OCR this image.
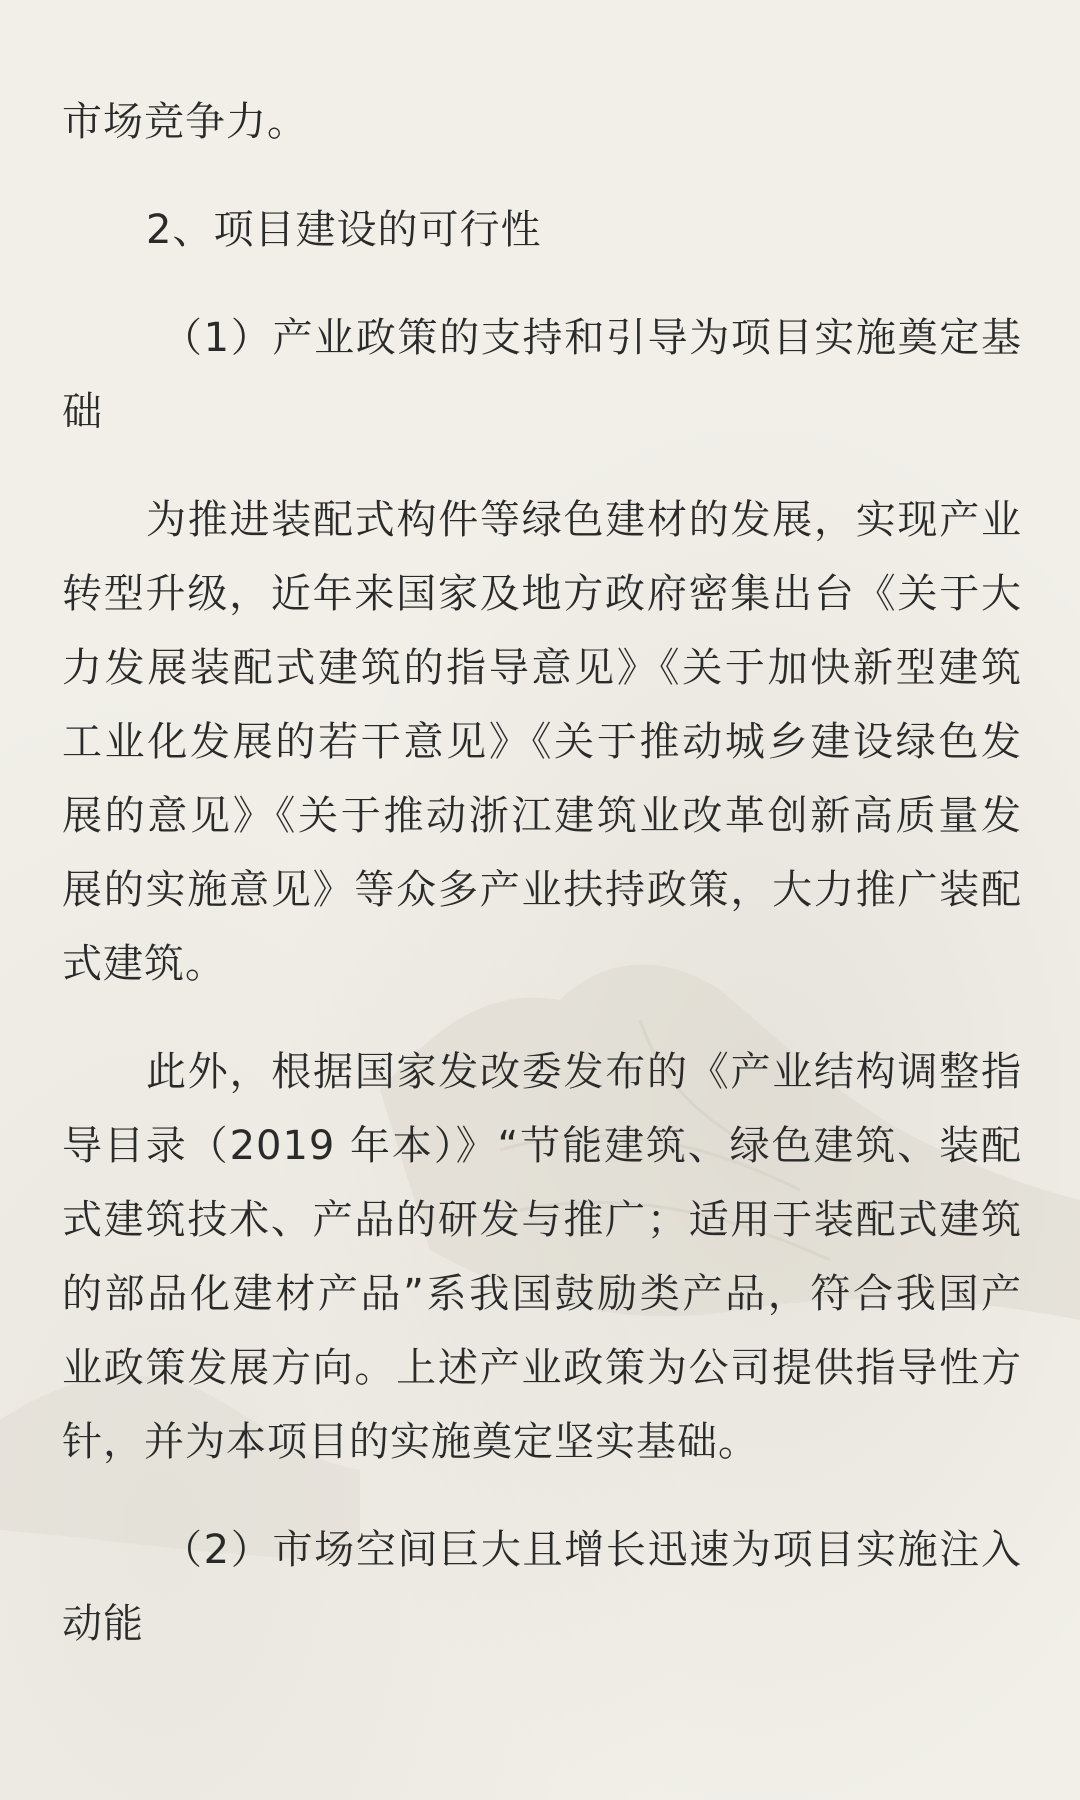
市场竞争力。

2、项目建设的可行性

（1）产业政策的支持和引导为项目实施奠定基础

为推进装配式构件等绿色建材的发展，实现产业转型升级，近年来国家及地方政府密集出台《关于大力发展装配式建筑的指导意见》《关于加快新型建筑工业化发展的若干意见》《关于推动城乡建设绿色发展的意见》《关于推动浙江建筑业改革创新高质量发展的实施意见》等众多产业扶持政策，大力推广装配式建筑。

此外，根据国家发改委发布的《产业结构调整指导目录（2019 年本）》“节能建筑、绿色建筑、装配式建筑技术、产品的研发与推广；适用于装配式建筑的部品化建材产品”系我国鼓励类产品，符合我国产业政策发展方向。上述产业政策为公司提供指导性方针，并为本项目的实施奠定坚实基础。

（2）市场空间巨大且增长迅速为项目实施注入动能
